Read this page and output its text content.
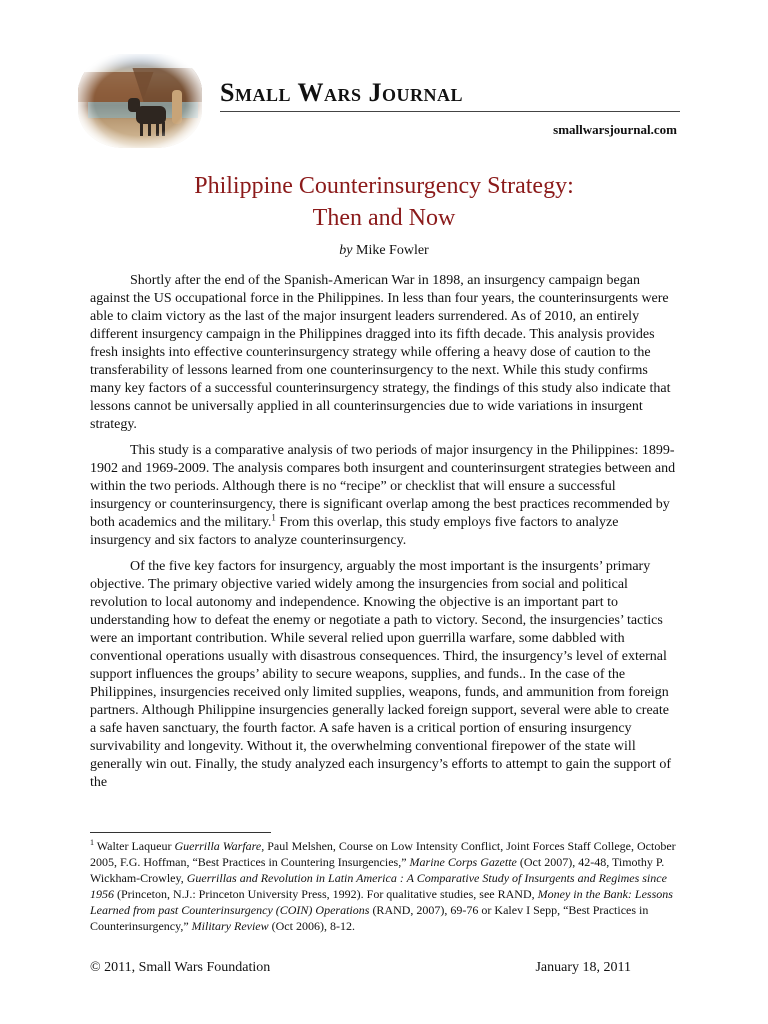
Small Wars Journal
smallwarsjournal.com
Philippine Counterinsurgency Strategy:
Then and Now
by Mike Fowler

Shortly after the end of the Spanish-American War in 1898, an insurgency campaign began against the US occupational force in the Philippines. In less than four years, the counterinsurgents were able to claim victory as the last of the major insurgent leaders surrendered. As of 2010, an entirely different insurgency campaign in the Philippines dragged into its fifth decade. This analysis provides fresh insights into effective counterinsurgency strategy while offering a heavy dose of caution to the transferability of lessons learned from one counterinsurgency to the next. While this study confirms many key factors of a successful counterinsurgency strategy, the findings of this study also indicate that lessons cannot be universally applied in all counterinsurgencies due to wide variations in insurgent strategy.

This study is a comparative analysis of two periods of major insurgency in the Philippines: 1899-1902 and 1969-2009. The analysis compares both insurgent and counterinsurgent strategies between and within the two periods. Although there is no “recipe” or checklist that will ensure a successful insurgency or counterinsurgency, there is significant overlap among the best practices recommended by both academics and the military.$^1$ From this overlap, this study employs five factors to analyze insurgency and six factors to analyze counterinsurgency.

Of the five key factors for insurgency, arguably the most important is the insurgents’ primary objective. The primary objective varied widely among the insurgencies from social and political revolution to local autonomy and independence. Knowing the objective is an important part to understanding how to defeat the enemy or negotiate a path to victory. Second, the insurgencies’ tactics were an important contribution. While several relied upon guerrilla warfare, some dabbled with conventional operations usually with disastrous consequences. Third, the insurgency’s level of external support influences the groups’ ability to secure weapons, supplies, and funds.. In the case of the Philippines, insurgencies received only limited supplies, weapons, funds, and ammunition from foreign partners. Although Philippine insurgencies generally lacked foreign support, several were able to create a safe haven sanctuary, the fourth factor. A safe haven is a critical portion of ensuring insurgency survivability and longevity. Without it, the overwhelming conventional firepower of the state will generally win out. Finally, the study analyzed each insurgency’s efforts to attempt to gain the support of the

$^1$ Walter Laqueur Guerrilla Warfare, Paul Melshen, Course on Low Intensity Conflict, Joint Forces Staff College, October 2005, F.G. Hoffman, “Best Practices in Countering Insurgencies,” Marine Corps Gazette (Oct 2007), 42-48, Timothy P. Wickham-Crowley, Guerrillas and Revolution in Latin America : A Comparative Study of Insurgents and Regimes since 1956 (Princeton, N.J.: Princeton University Press, 1992). For qualitative studies, see RAND, Money in the Bank: Lessons Learned from past Counterinsurgency (COIN) Operations (RAND, 2007), 69-76 or Kalev I Sepp, “Best Practices in Counterinsurgency,” Military Review (Oct 2006), 8-12.
© 2011, Small Wars Foundation	January 18, 2011
